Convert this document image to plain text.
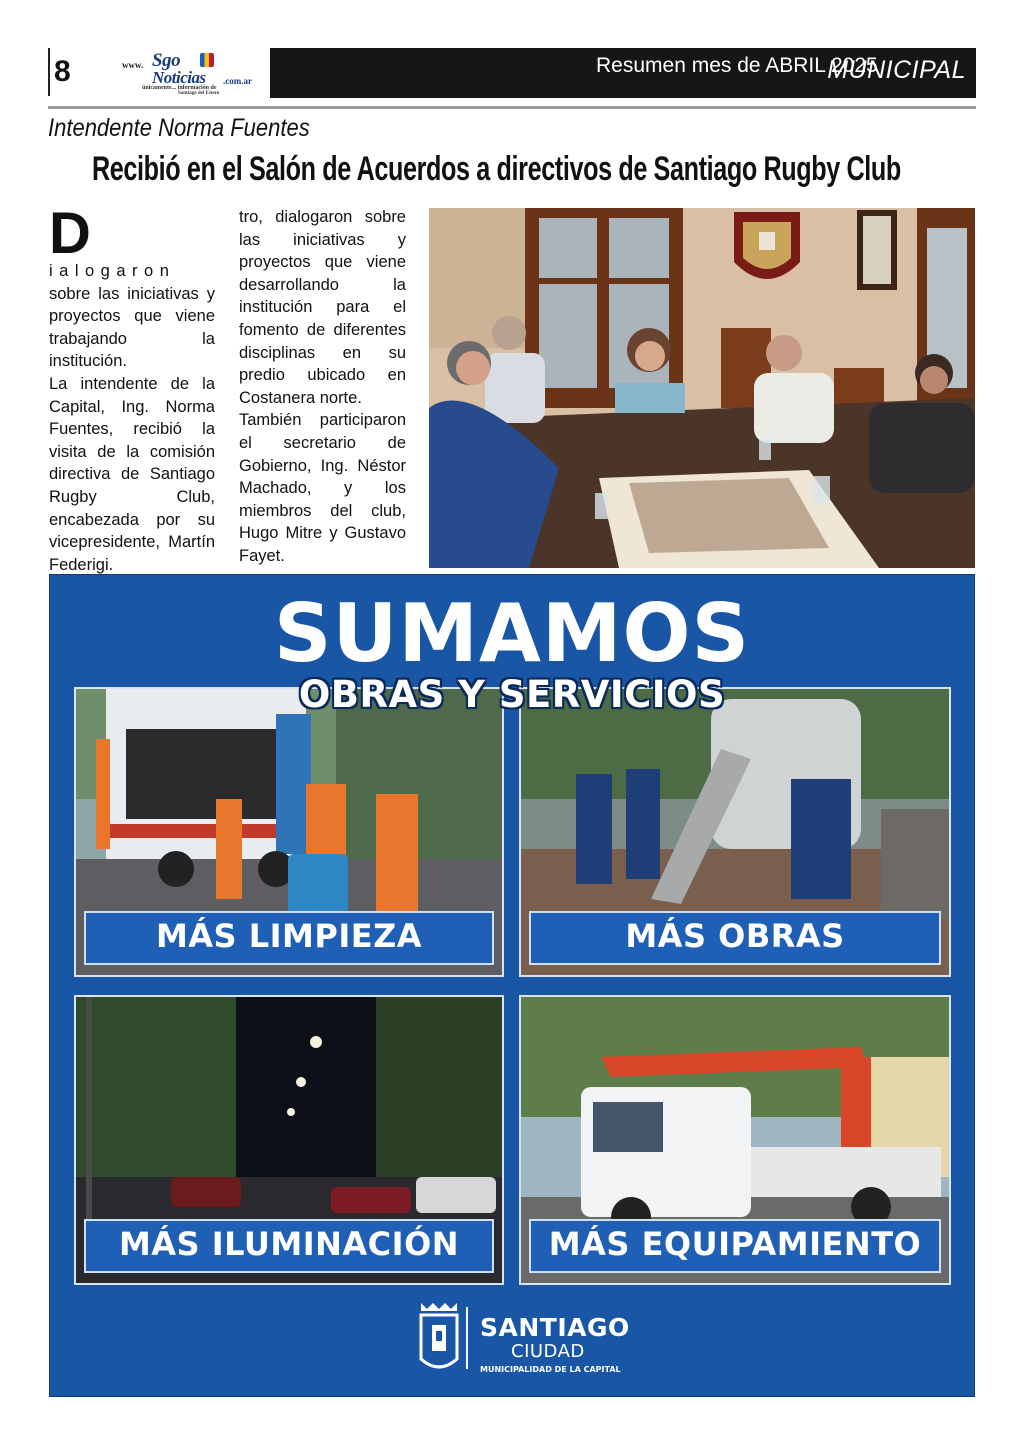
8	www. Sgo
Noticias .com.ar
únicamente... información de
Santiago del Estero
Resumen mes de ABRIL 2025
MUNICIPAL
Intendente Norma Fuentes
Recibió en el Salón de Acuerdos a directivos de Santiago Rugby Club
D
ialogaron sobre las iniciativas y proyectos que viene trabajando la institución.

La intendente de la Capital, Ing. Norma Fuentes, recibió la visita de la comisión directiva de Santiago Rugby Club, encabezada por su vicepresidente, Martín Federigi.

tro, dialogaron sobre las iniciativas y proyectos que viene desarrollando la institución para el fomento de diferentes disciplinas en su predio ubicado en Costanera norte.

También participaron el secretario de Gobierno, Ing. Néstor Machado, y los miembros del club, Hugo Mitre y Gustavo Fayet.

SUMAMOS
OBRAS Y SERVICIOS
MÁS LIMPIEZA	MÁS OBRAS
MÁS ILUMINACIÓN	MÁS EQUIPAMIENTO
SANTIAGO
CIUDAD
MUNICIPALIDAD DE LA CAPITAL
